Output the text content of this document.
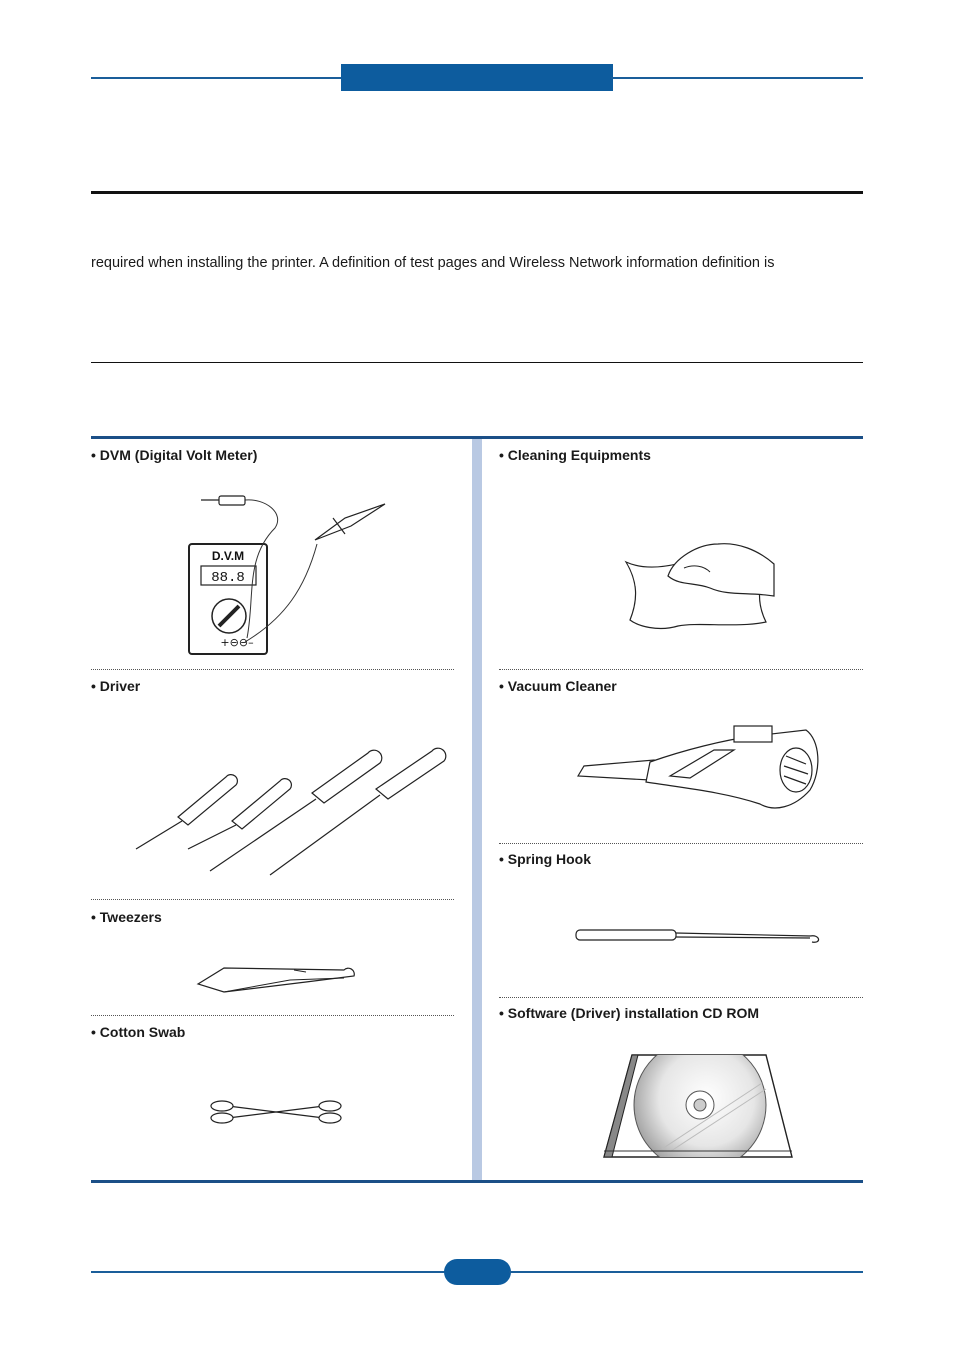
required when installing the printer. A definition of test pages and Wireless Network information definition is
• DVM (Digital Volt Meter)
D.V.M
88.8
+⊖⊖–
• Driver
• Tweezers
• Cotton Swab
• Cleaning Equipments
• Vacuum Cleaner
• Spring Hook
• Software (Driver) installation CD ROM
